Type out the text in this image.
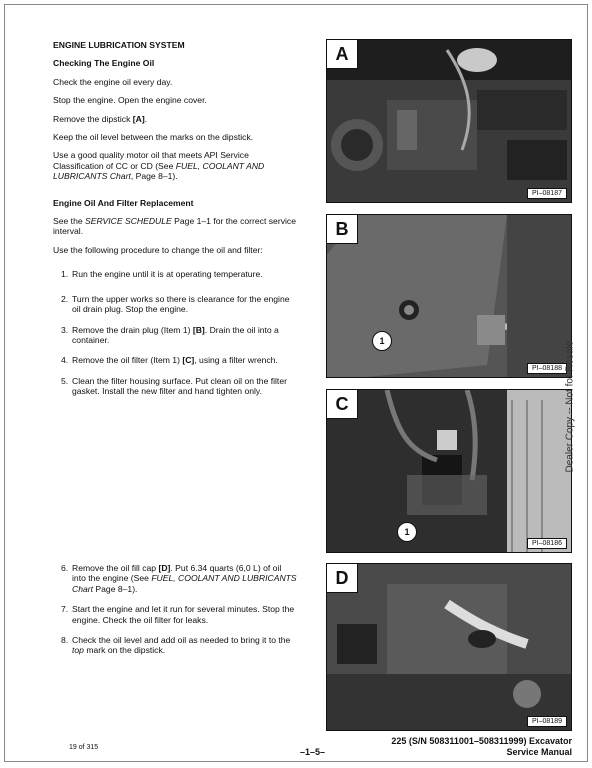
ENGINE LUBRICATION SYSTEM
Checking The Engine Oil

Check the engine oil every day.

Stop the engine. Open the engine cover.

Remove the dipstick [A].

Keep the oil level between the marks on the dipstick.

Use a good quality motor oil that meets API Service Classification of CC or CD (See FUEL, COOLANT AND LUBRICANTS Chart, Page 8–1).

Engine Oil And Filter Replacement

See the SERVICE SCHEDULE Page 1–1 for the correct service interval.

Use the following procedure to change the oil and filter:

1. Run the engine until it is at operating temperature.
2. Turn the upper works so there is clearance for the engine oil drain plug. Stop the engine.
3. Remove the drain plug (Item 1) [B]. Drain the oil into a container.
4. Remove the oil filter (Item 1) [C], using a filter wrench.
5. Clean the filter housing surface. Put clean oil on the filter gasket. Install the new filter and hand tighten only.
6. Remove the oil fill cap [D]. Put 6.34 quarts (6,0 L) of oil into the engine (See FUEL, COOLANT AND LUBRICANTS Chart Page 8–1).
7. Start the engine and let it run for several minutes. Stop the engine. Check the oil filter for leaks.
8. Check the oil level and add oil as needed to bring it to the top mark on the dipstick.
A
PI–08187
B
1
PI–08188
C
1
PI–08186
D
PI–08189
Dealer Copy -- Not for Resale
19 of 315	–1–5–
225 (S/N 508311001–508311999) Excavator
Service Manual
